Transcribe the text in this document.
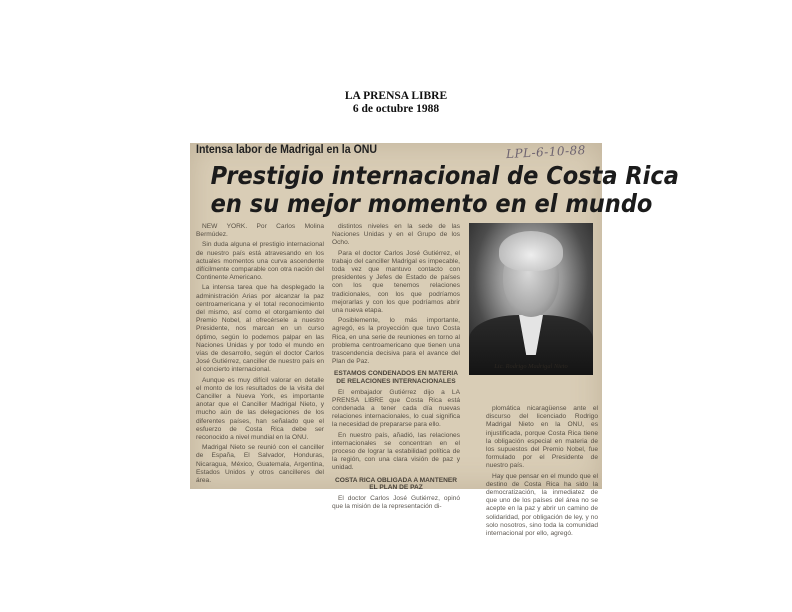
LA PRENSA LIBRE
6 de octubre 1988
Intensa labor de Madrigal en la ONU	LPL-6-10-88
Prestigio internacional de Costa Rica
en su mejor momento en el mundo

NEW YORK. Por Carlos Molina Bermúdez.

Sin duda alguna el prestigio internacional de nuestro país está atravesando en los actuales momentos una curva ascendente difícilmente comparable con otra nación del Continente Americano.

La intensa tarea que ha desplegado la administración Arias por alcanzar la paz centroamericana y el total reconocimiento del mismo, así como el otorgamiento del Premio Nobel, al ofrecérsele a nuestro Presidente, nos marcan en un curso óptimo, según lo podemos palpar en las Naciones Unidas y por todo el mundo en vías de desarrollo, según el doctor Carlos José Gutiérrez, canciller de nuestro país en el concierto internacional.

Aunque es muy difícil valorar en detalle el monto de los resultados de la visita del Canciller a Nueva York, es importante anotar que el Canciller Madrigal Nieto, y mucho aún de las delegaciones de los diferentes países, han señalado que el esfuerzo de Costa Rica debe ser reconocido a nivel mundial en la ONU.

Madrigal Nieto se reunió con el canciller de España, El Salvador, Honduras, Nicaragua, México, Guatemala, Argentina, Estados Unidos y otros cancilleres del área.

distintos niveles en la sede de las Naciones Unidas y en el Grupo de los Ocho.

Para el doctor Carlos José Gutiérrez, el trabajo del canciller Madrigal es impecable, toda vez que mantuvo contacto con presidentes y Jefes de Estado de países con los que tenemos relaciones tradicionales, con los que podríamos mejorarlas y con los que podríamos abrir una nueva etapa.

Posiblemente, lo más importante, agregó, es la proyección que tuvo Costa Rica, en una serie de reuniones en torno al problema centroamericano que tienen una trascendencia decisiva para el avance del Plan de Paz.

ESTAMOS CONDENADOS EN MATERIA DE RELACIONES INTERNACIONALES

El embajador Gutiérrez dijo a LA PRENSA LIBRE que Costa Rica está condenada a tener cada día nuevas relaciones internacionales, lo cual significa la necesidad de prepararse para ello.

En nuestro país, añadió, las relaciones internacionales se concentran en el proceso de lograr la estabilidad política de la región, con una clara visión de paz y unidad.

COSTA RICA OBLIGADA A MANTENER EL PLAN DE PAZ

El doctor Carlos José Gutiérrez, opinó que la misión de la representación di-

Lic. Rodrigo Madrigal Nieto

plomática nicaragüense ante el discurso del licenciado Rodrigo Madrigal Nieto en la ONU, es injustificada, porque Costa Rica tiene la obligación especial en materia de los supuestos del Premio Nobel, fue formulado por el Presidente de nuestro país.

Hay que pensar en el mundo que el destino de Costa Rica ha sido la democratización, la inmediatez de que uno de los países del área no se acepte en la paz y abrir un camino de solidaridad, por obligación de ley, y no solo nosotros, sino toda la comunidad internacional por ello, agregó.
